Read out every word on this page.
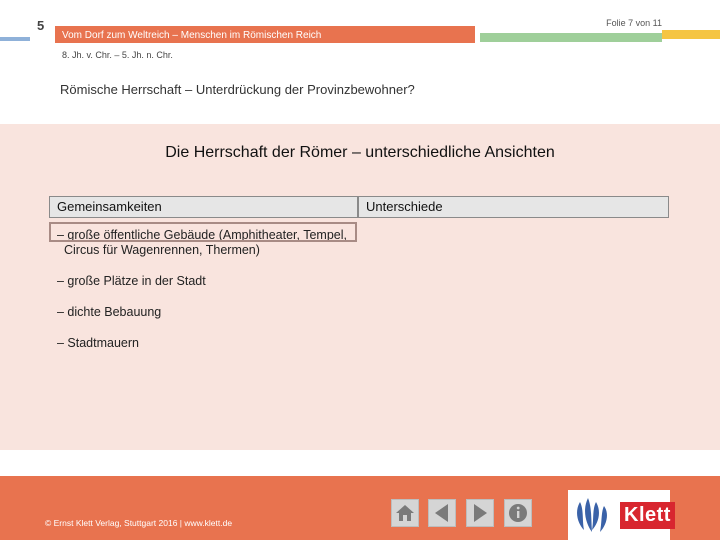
5
Vom Dorf zum Weltreich – Menschen im Römischen Reich
Folie 7 von 11
8. Jh. v. Chr. – 5. Jh. n. Chr.
Römische Herrschaft – Unterdrückung der Provinzbewohner?
Die Herrschaft der Römer – unterschiedliche Ansichten
Gemeinsamkeiten	Unterschiede

– große öffentliche Gebäude (Amphitheater, Tempel, Circus für Wagenrennen, Thermen)

– große Plätze in der Stadt

– dichte Bebauung

– Stadtmauern

© Ernst Klett Verlag, Stuttgart 2016 | www.klett.de	Klett
